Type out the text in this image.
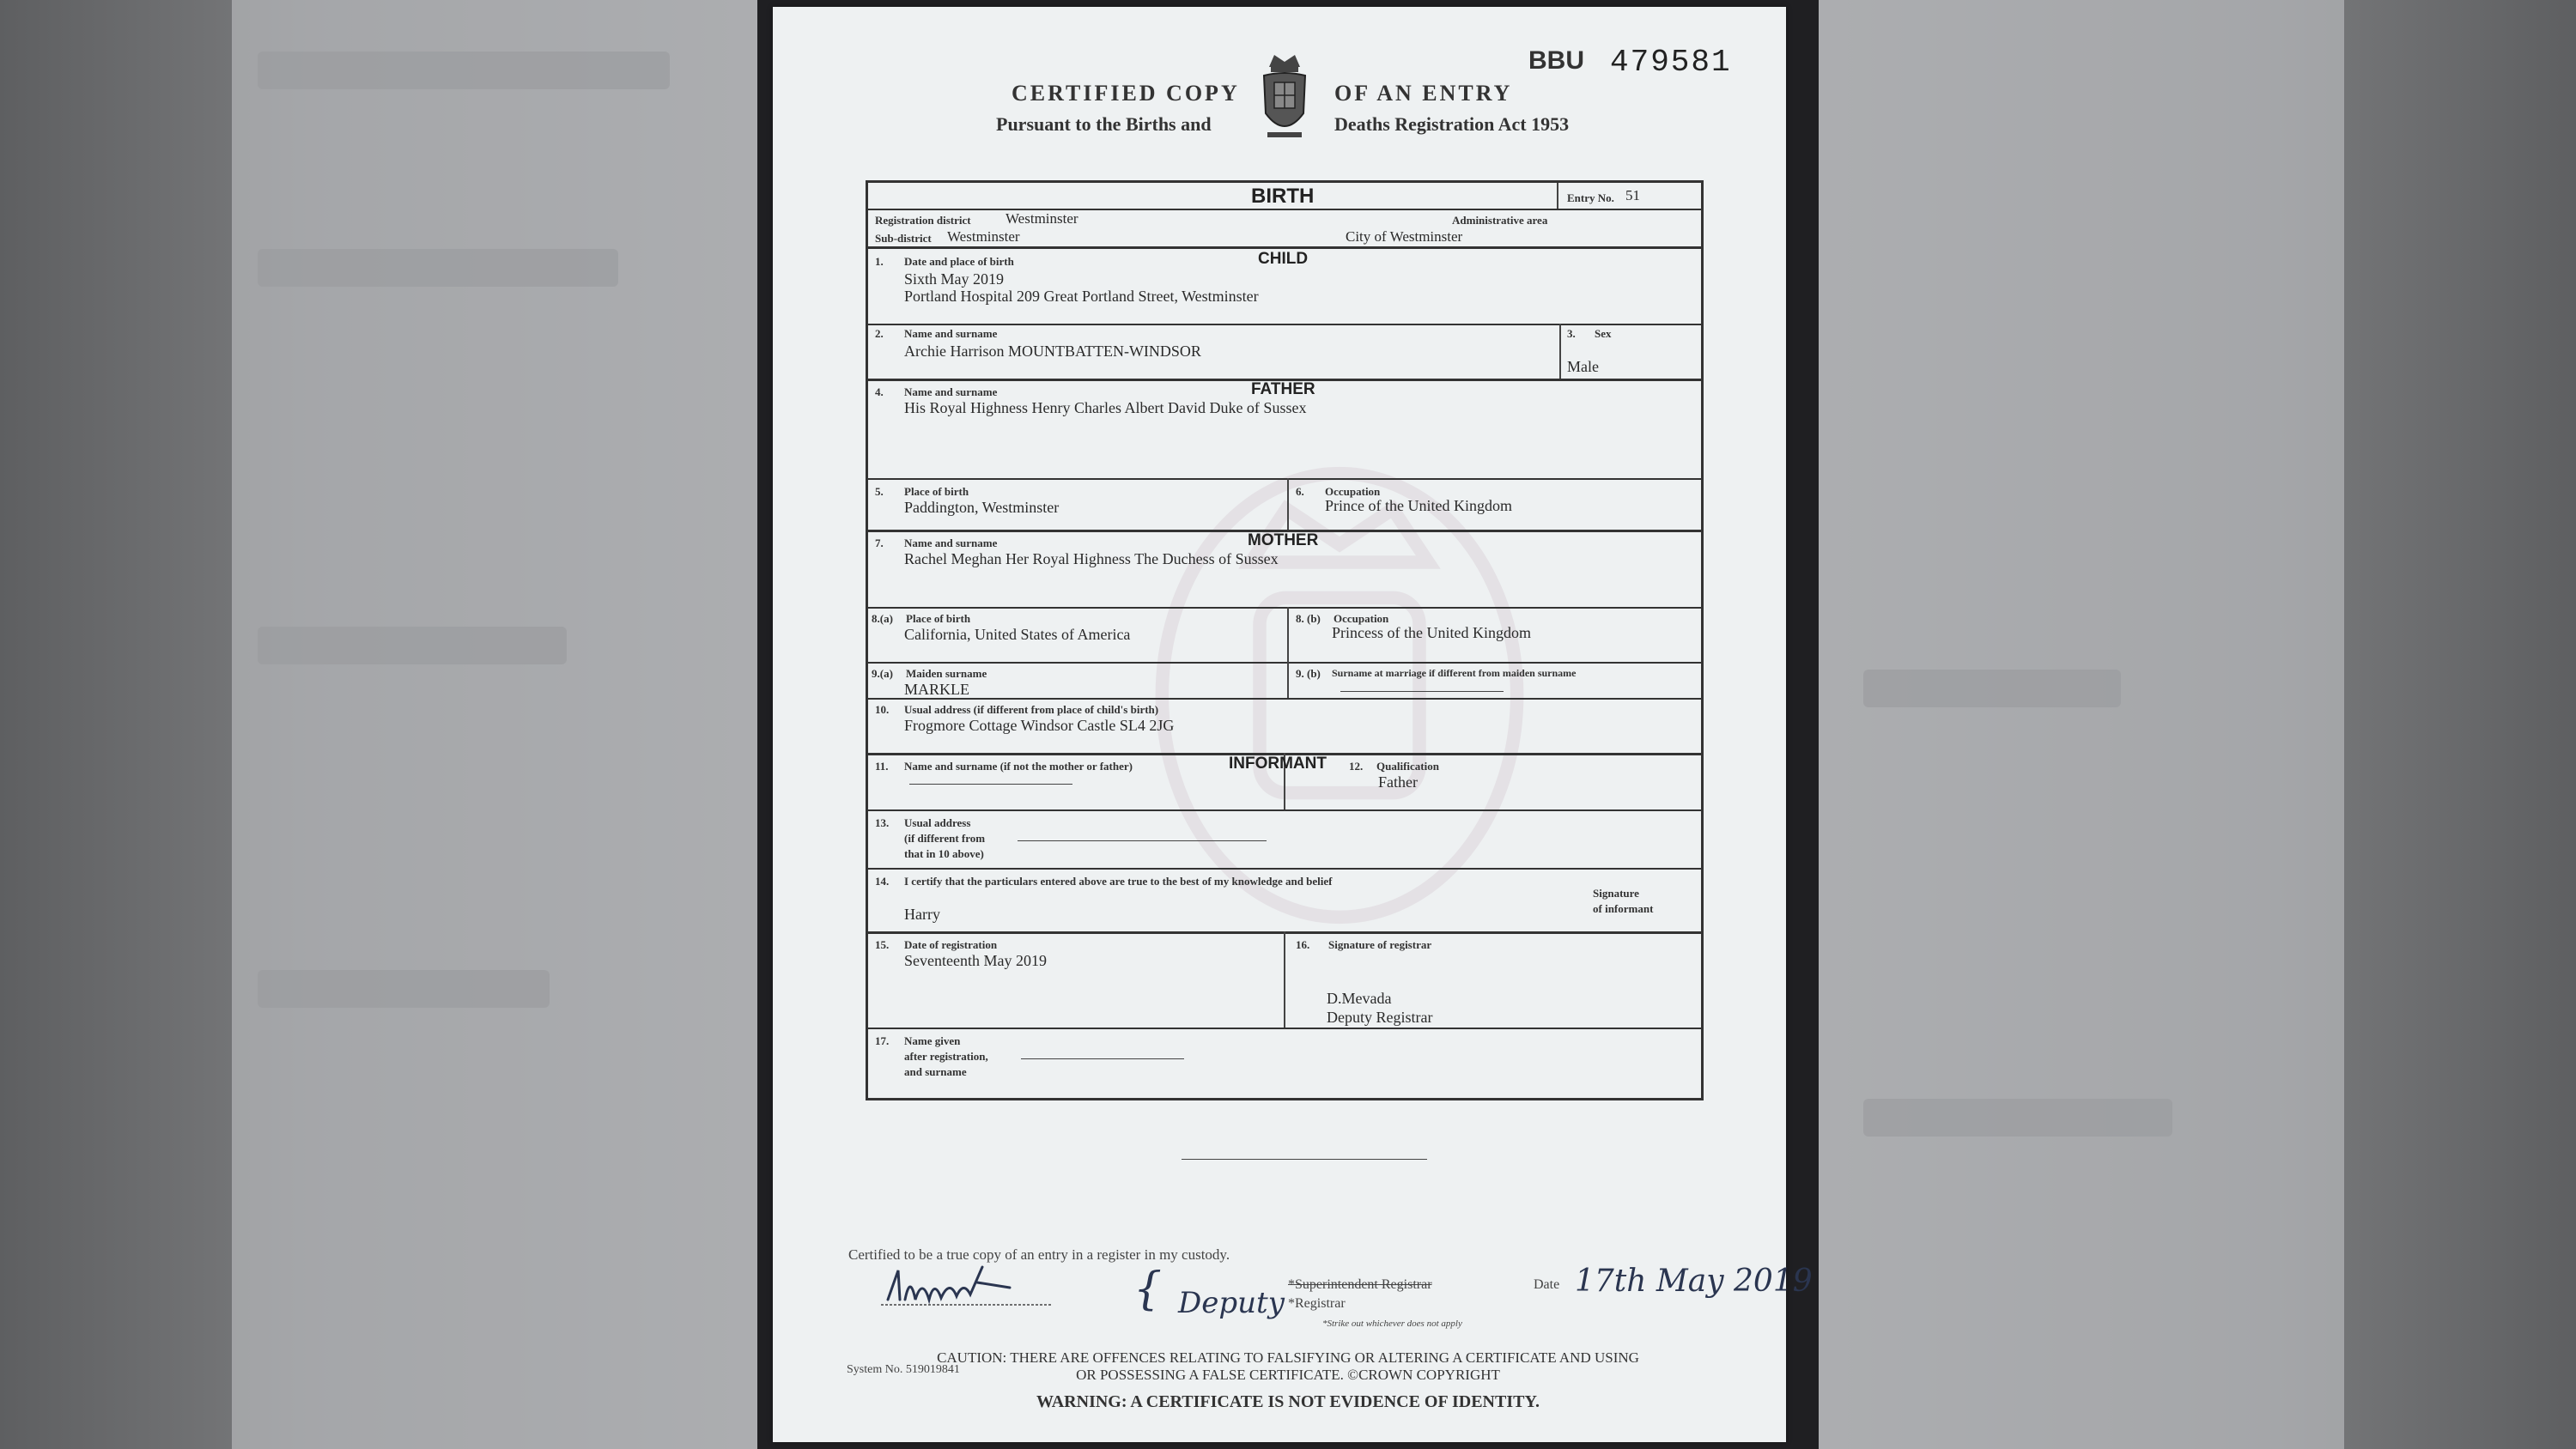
CERTIFIED COPY	OF AN ENTRY
Pursuant to the Births and	Deaths Registration Act 1953
BBU 479581
BIRTH	Entry No. 51
Registration district Westminster	Administrative area
Sub-district Westminster	City of Westminster
1. Date and place of birth	CHILD
Sixth May 2019
Portland Hospital 209 Great Portland Street, Westminster
2. Name and surname
Archie Harrison MOUNTBATTEN-WINDSOR
3. Sex
Male
4. Name and surname	FATHER
His Royal Highness Henry Charles Albert David Duke of Sussex
5. Place of birth
Paddington, Westminster
6. Occupation
Prince of the United Kingdom
7. Name and surname	MOTHER
Rachel Meghan Her Royal Highness The Duchess of Sussex
8.(a) Place of birth
California, United States of America
8. (b) Occupation
Princess of the United Kingdom
9.(a) Maiden surname
MARKLE
9. (b) Surname at marriage if different from maiden surname
10. Usual address (if different from place of child's birth)
Frogmore Cottage Windsor Castle SL4 2JG
11. Name and surname (if not the mother or father)	INFORMANT 12. Qualification
Father
13. Usual address
(if different from
that in 10 above)
14. I certify that the particulars entered above are true to the best of my knowledge and belief
Harry
Signature
of informant
15. Date of registration
Seventeenth May 2019
16. Signature of registrar
D.Mevada
Deputy Registrar
17. Name given
after registration,
and surname
Certified to be a true copy of an entry in a register in my custody.
{ Deputy
*Superintendent Registrar
*Registrar
*Strike out whichever does not apply
Date 17th May 2019
System No. 519019841
CAUTION: THERE ARE OFFENCES RELATING TO FALSIFYING OR ALTERING A CERTIFICATE AND USING
OR POSSESSING A FALSE CERTIFICATE. ©CROWN COPYRIGHT
WARNING: A CERTIFICATE IS NOT EVIDENCE OF IDENTITY.
